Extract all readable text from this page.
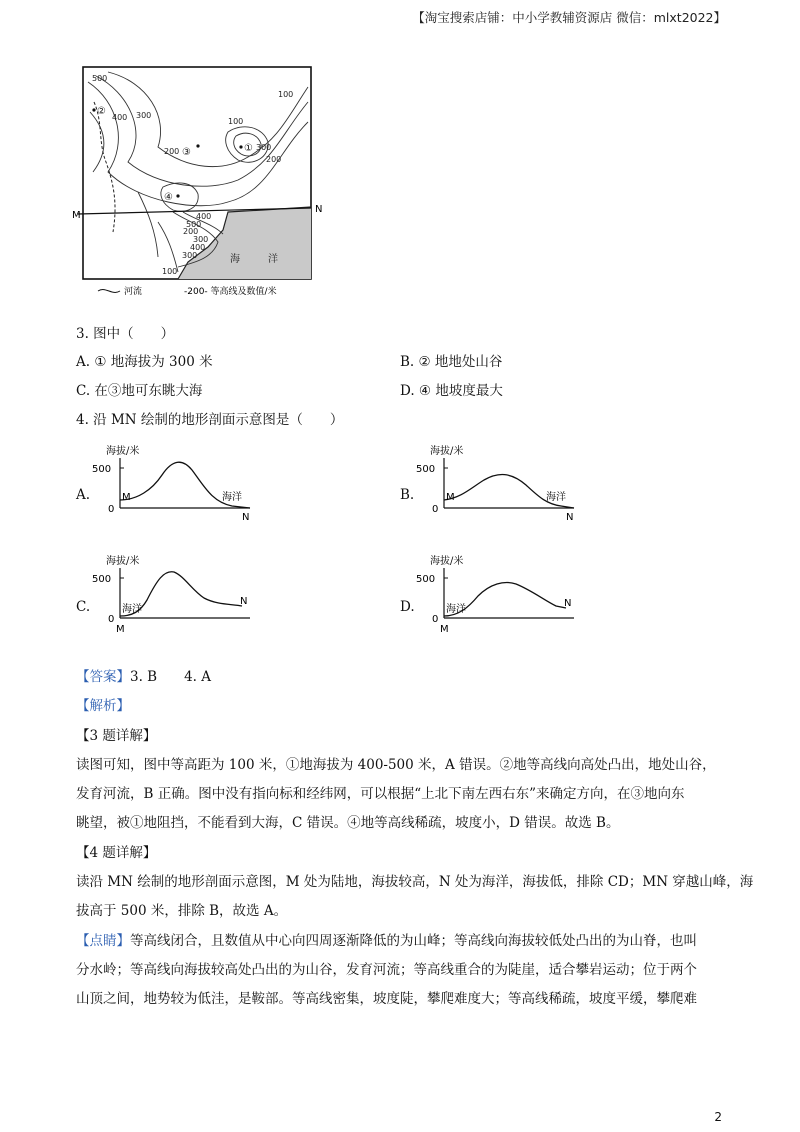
【淘宝搜索店铺：中小学教辅资源店 微信：mlxt2022】
M
N
500
400 300
200
100
100
200
300
400
500
200
300
400
300
100
①
②
③
④
海	洋
河流	-200- 等高线及数值/米
3. 图中（　　）
A. ① 地海拔为 300 米	B. ② 地地处山谷
C. 在③地可东眺大海	D. ④ 地坡度最大
4. 沿 MN 绘制的地形剖面示意图是（　　）
A.
海拔/米
500
0
M	海洋
N
B.
海拔/米
500
0
M	海洋
N
C.
海拔/米
500
0
海洋
N
M
D.
海拔/米
500
0
海洋
N
M
【答案】3. B　　4. A
【解析】
【3 题详解】
读图可知，图中等高距为 100 米，①地海拔为 400-500 米，A 错误。②地等高线向高处凸出，地处山谷，
发育河流，B 正确。图中没有指向标和经纬网，可以根据“上北下南左西右东”来确定方向，在③地向东
眺望，被①地阻挡，不能看到大海，C 错误。④地等高线稀疏，坡度小，D 错误。故选 B。
【4 题详解】
读沿 MN 绘制的地形剖面示意图，M 处为陆地，海拔较高，N 处为海洋，海拔低，排除 CD；MN 穿越山峰，海
拔高于 500 米，排除 B，故选 A。
【点睛】等高线闭合，且数值从中心向四周逐渐降低的为山峰；等高线向海拔较低处凸出的为山脊，也叫
分水岭；等高线向海拔较高处凸出的为山谷，发育河流；等高线重合的为陡崖，适合攀岩运动；位于两个
山顶之间，地势较为低洼，是鞍部。等高线密集，坡度陡，攀爬难度大；等高线稀疏，坡度平缓，攀爬难
2
